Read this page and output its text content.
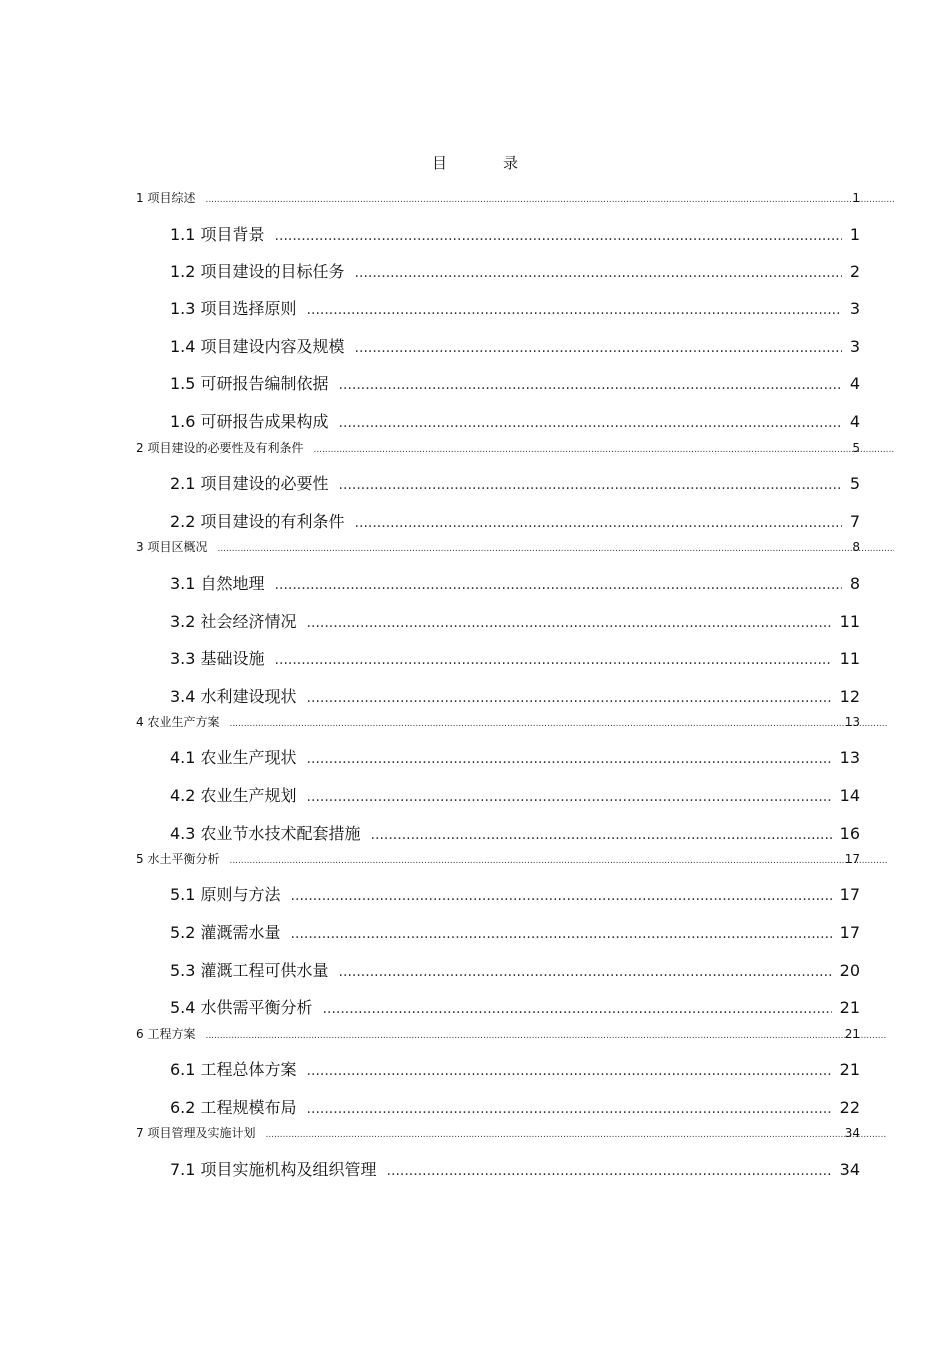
目	录
1 项目综述 .....	1
1.1 项目背景 .....	1
1.2 项目建设的目标任务 .....	2
1.3 项目选择原则 .....	3
1.4 项目建设内容及规模 .....	3
1.5 可研报告编制依据 .....	4
1.6 可研报告成果构成 .....	4
2 项目建设的必要性及有利条件 .....	5
2.1 项目建设的必要性 .....	5
2.2 项目建设的有利条件 .....	7
3 项目区概况 .....	8
3.1 自然地理 .....	8
3.2 社会经济情况 .....	11
3.3 基础设施 .....	11
3.4 水利建设现状 .....	12
4 农业生产方案 .....	13
4.1 农业生产现状 .....	13
4.2 农业生产规划 .....	14
4.3 农业节水技术配套措施 .....	16
5 水土平衡分析 .....	17
5.1 原则与方法 .....	17
5.2 灌溉需水量 .....	17
5.3 灌溉工程可供水量 .....	20
5.4 水供需平衡分析 .....	21
6 工程方案 .....	21
6.1 工程总体方案 .....	21
6.2 工程规模布局 .....	22
7 项目管理及实施计划 .....	34
7.1 项目实施机构及组织管理 .....	34
